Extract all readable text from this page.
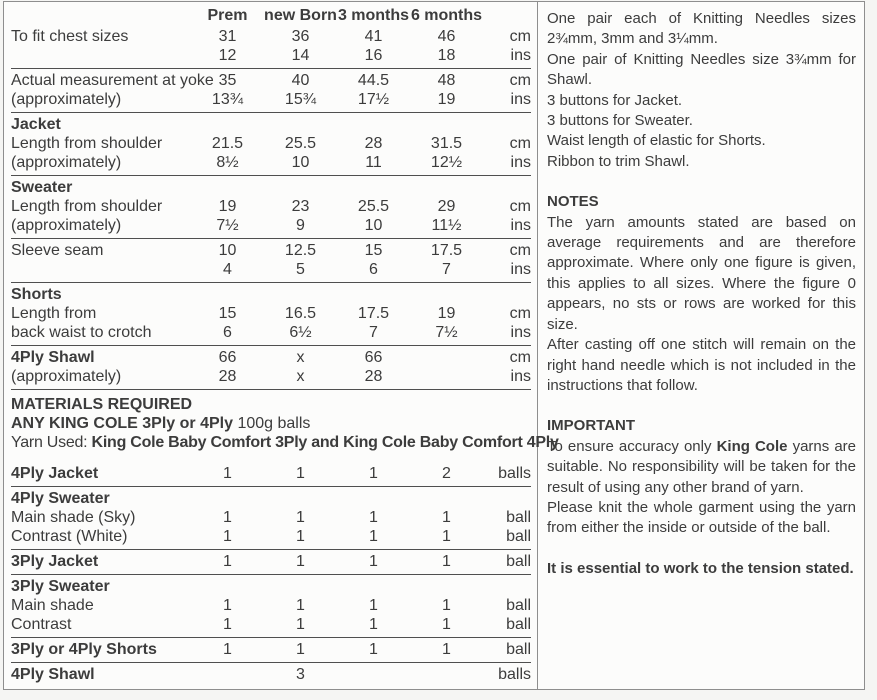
	Prem	new Born	3 months	6 months	
To fit chest sizes	31	36	41	46	cm
	12	14	16	18	ins
Actual measurement at yoke	35	40	44.5	48	cm
(approximately)	13¾	15¾	17½	19	ins
Jacket					
Length from shoulder	21.5	25.5	28	31.5	cm
(approximately)	8½	10	11	12½	ins
Sweater					
Length from shoulder	19	23	25.5	29	cm
(approximately)	7½	9	10	11½	ins
Sleeve seam	10	12.5	15	17.5	cm
	4	5	6	7	ins
Shorts					
Length from	15	16.5	17.5	19	cm
back waist to crotch	6	6½	7	7½	ins
4Ply Shawl	66	x	66		cm
(approximately)	28	x	28		ins
MATERIALS REQUIRED
ANY KING COLE 3Ply or 4Ply 100g balls
Yarn Used: King Cole Baby Comfort 3Ply and King Cole Baby Comfort 4Ply
4Ply Jacket	1	1	1	2	balls
4Ply Sweater					
Main shade (Sky)	1	1	1	1	ball
Contrast (White)	1	1	1	1	ball
3Ply Jacket	1	1	1	1	ball
3Ply Sweater					
Main shade	1	1	1	1	ball
Contrast	1	1	1	1	ball
3Ply or 4Ply Shorts	1	1	1	1	ball
4Ply Shawl		3			balls
One pair each of Knitting Needles sizes 2¾mm, 3mm and 3¼mm.
One pair of Knitting Needles size 3¾mm for Shawl.
3 buttons for Jacket.
3 buttons for Sweater.
Waist length of elastic for Shorts.
Ribbon to trim Shawl.
NOTES
The yarn amounts stated are based on average requirements and are therefore approximate. Where only one figure is given, this applies to all sizes. Where the figure 0 appears, no sts or rows are worked for this size.
After casting off one stitch will remain on the right hand needle which is not included in the instructions that follow.
IMPORTANT
To ensure accuracy only King Cole yarns are suitable. No responsibility will be taken for the result of using any other brand of yarn.
Please knit the whole garment using the yarn from either the inside or outside of the ball.
It is essential to work to the tension stated.
